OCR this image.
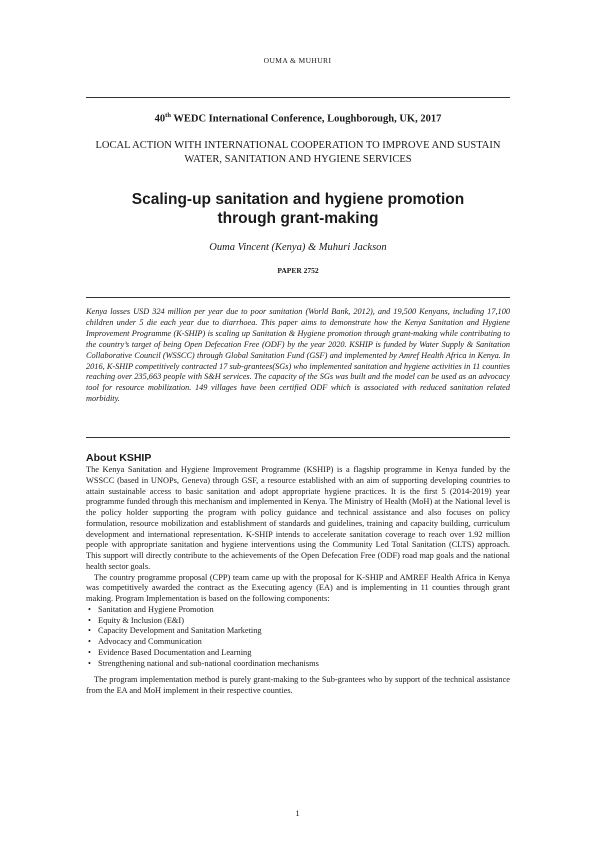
OUMA & MUHURI
40th WEDC International Conference, Loughborough, UK, 2017
LOCAL ACTION WITH INTERNATIONAL COOPERATION TO IMPROVE AND SUSTAIN WATER, SANITATION AND HYGIENE SERVICES
Scaling-up sanitation and hygiene promotion
through grant-making
Ouma Vincent (Kenya) & Muhuri Jackson
PAPER 2752
Kenya losses USD 324 million per year due to poor sanitation (World Bank, 2012), and 19,500 Kenyans, including 17,100 children under 5 die each year due to diarrhoea. This paper aims to demonstrate how the Kenya Sanitation and Hygiene Improvement Programme (K-SHIP) is scaling up Sanitation & Hygiene promotion through grant-making while contributing to the country’s target of being Open Defecation Free (ODF) by the year 2020. KSHIP is funded by Water Supply & Sanitation Collaborative Council (WSSCC) through Global Sanitation Fund (GSF) and implemented by Amref Health Africa in Kenya. In 2016, K-SHIP competitively contracted 17 sub-grantees(SGs) who implemented sanitation and hygiene activities in 11 counties reaching over 235,663 people with S&H services. The capacity of the SGs was built and the model can be used as an advocacy tool for resource mobilization. 149 villages have been certified ODF which is associated with reduced sanitation related morbidity.
About KSHIP

The Kenya Sanitation and Hygiene Improvement Programme (KSHIP) is a flagship programme in Kenya funded by the WSSCC (based in UNOPs, Geneva) through GSF, a resource established with an aim of supporting developing countries to attain sustainable access to basic sanitation and adopt appropriate hygiene practices. It is the first 5 (2014-2019) year programme funded through this mechanism and implemented in Kenya. The Ministry of Health (MoH) at the National level is the policy holder supporting the program with policy guidance and technical assistance and also focuses on policy formulation, resource mobilization and establishment of standards and guidelines, training and capacity building, curriculum development and international representation. K-SHIP intends to accelerate sanitation coverage to reach over 1.92 million people with appropriate sanitation and hygiene interventions using the Community Led Total Sanitation (CLTS) approach. This support will directly contribute to the achievements of the Open Defecation Free (ODF) road map goals and the national health sector goals.

The country programme proposal (CPP) team came up with the proposal for K-SHIP and AMREF Health Africa in Kenya was competitively awarded the contract as the Executing agency (EA) and is implementing in 11 counties through grant making. Program Implementation is based on the following components:

• Sanitation and Hygiene Promotion
• Equity & Inclusion (E&I)
• Capacity Development and Sanitation Marketing
• Advocacy and Communication
• Evidence Based Documentation and Learning
• Strengthening national and sub-national coordination mechanisms

The program implementation method is purely grant-making to the Sub-grantees who by support of the technical assistance from the EA and MoH implement in their respective counties.

1
